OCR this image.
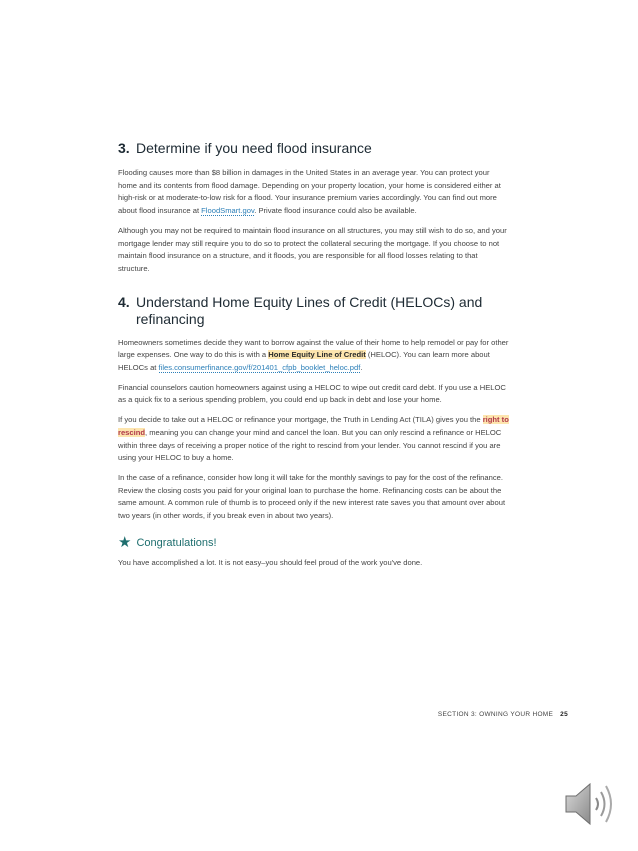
3. Determine if you need flood insurance

Flooding causes more than $8 billion in damages in the United States in an average year. You can protect your home and its contents from flood damage. Depending on your property location, your home is considered either at high-risk or at moderate-to-low risk for a flood. Your insurance premium varies accordingly. You can find out more about flood insurance at FloodSmart.gov. Private flood insurance could also be available.

Although you may not be required to maintain flood insurance on all structures, you may still wish to do so, and your mortgage lender may still require you to do so to protect the collateral securing the mortgage. If you choose to not maintain flood insurance on a structure, and it floods, you are responsible for all flood losses relating to that structure.

4. Understand Home Equity Lines of Credit (HELOCs) and refinancing

Homeowners sometimes decide they want to borrow against the value of their home to help remodel or pay for other large expenses. One way to do this is with a Home Equity Line of Credit (HELOC). You can learn more about HELOCs at files.consumerfinance.gov/f/201401_cfpb_booklet_heloc.pdf.

Financial counselors caution homeowners against using a HELOC to wipe out credit card debt. If you use a HELOC as a quick fix to a serious spending problem, you could end up back in debt and lose your home.

If you decide to take out a HELOC or refinance your mortgage, the Truth in Lending Act (TILA) gives you the right to rescind, meaning you can change your mind and cancel the loan. But you can only rescind a refinance or HELOC within three days of receiving a proper notice of the right to rescind from your lender. You cannot rescind if you are using your HELOC to buy a home.

In the case of a refinance, consider how long it will take for the monthly savings to pay for the cost of the refinance. Review the closing costs you paid for your original loan to purchase the home. Refinancing costs can be about the same amount. A common rule of thumb is to proceed only if the new interest rate saves you that amount over about two years (in other words, if you break even in about two years).

★ Congratulations!

You have accomplished a lot. It is not easy–you should feel proud of the work you've done.

SECTION 3: OWNING YOUR HOME 25
